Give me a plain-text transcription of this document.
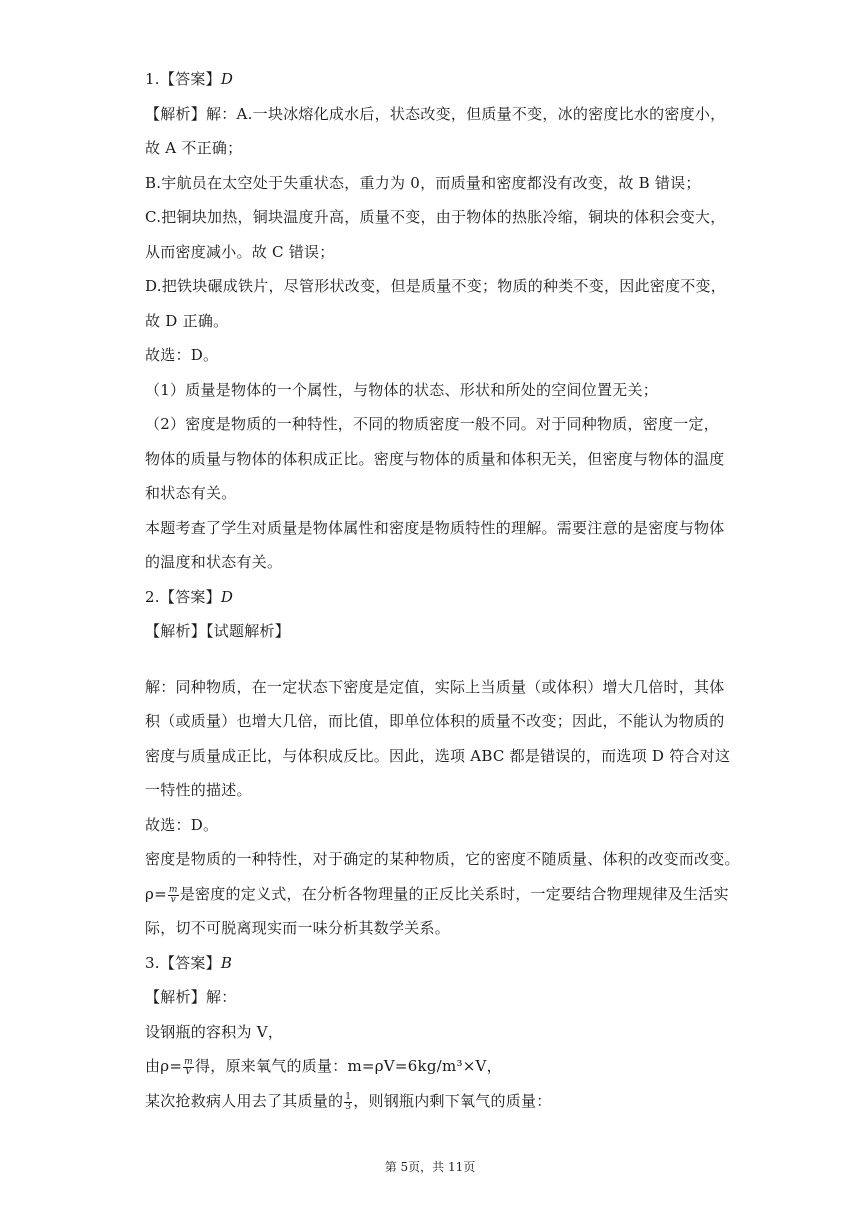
1.【答案】D
【解析】解：A.一块冰熔化成水后，状态改变，但质量不变，冰的密度比水的密度小，
故 A 不正确；
B.宇航员在太空处于失重状态，重力为 0，而质量和密度都没有改变，故 B 错误；
C.把铜块加热，铜块温度升高，质量不变，由于物体的热胀冷缩，铜块的体积会变大，
从而密度减小。故 C 错误；
D.把铁块碾成铁片，尽管形状改变，但是质量不变；物质的种类不变，因此密度不变，
故 D 正确。
故选：D。
（1）质量是物体的一个属性，与物体的状态、形状和所处的空间位置无关；
（2）密度是物质的一种特性，不同的物质密度一般不同。对于同种物质，密度一定，
物体的质量与物体的体积成正比。密度与物体的质量和体积无关，但密度与物体的温度
和状态有关。
本题考查了学生对质量是物体属性和密度是物质特性的理解。需要注意的是密度与物体
的温度和状态有关。
2.【答案】D
【解析】【试题解析】
解：同种物质，在一定状态下密度是定值，实际上当质量（或体积）增大几倍时，其体
积（或质量）也增大几倍，而比值，即单位体积的质量不改变；因此，不能认为物质的
密度与质量成正比，与体积成反比。因此，选项 ABC 都是错误的，而选项 D 符合对这
一特性的描述。
故选：D。
密度是物质的一种特性，对于确定的某种物质，它的密度不随质量、体积的改变而改变。
$\rho= \frac{m}{v}$ 是密度的定义式，在分析各物理量的正反比关系时，一定要结合物理规律及生活实
际，切不可脱离现实而一味分析其数学关系。
3.【答案】B
【解析】解：
设钢瓶的容积为 V，
由$\rho= \frac{m}{V}$ 得，原来氧气的质量：m=ρV=6kg/m³×V，
某次抢救病人用去了其质量的 $\frac{1}{3}$ ，则钢瓶内剩下氧气的质量：
第 5页，共 11页
